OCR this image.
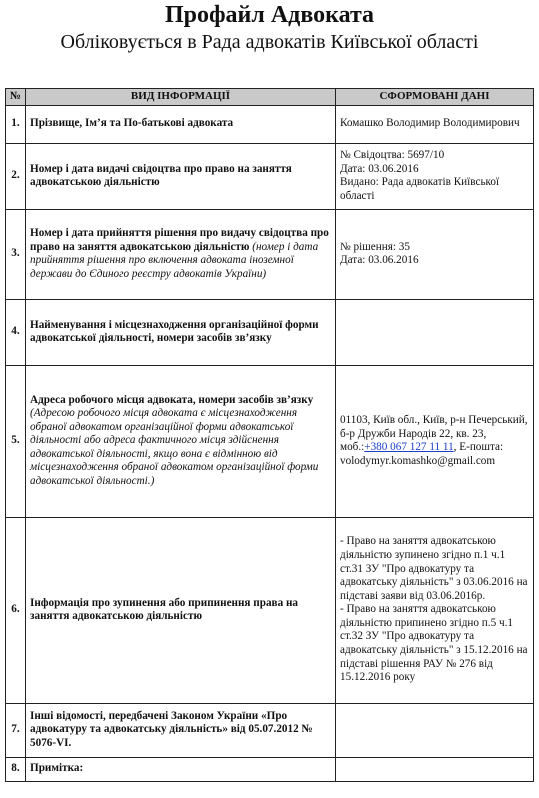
Профайл Адвоката
Обліковується в Рада адвокатів Київської області
№	ВИД ІНФОРМАЦІЇ	СФОРМОВАНІ ДАНІ
1.	Прізвище, Ім’я та По-батькові адвоката	Комашко Володимир Володимирович
2.	Номер і дата видачі свідоцтва про право на заняття адвокатською діяльністю	№ Свідоцтва: 5697/10
Дата: 03.06.2016
Видано: Рада адвокатів Київської області

3.	Номер і дата прийняття рішення про видачу свідоцтва про право на заняття адвокатською діяльністю (номер і дата прийняття рішення про включення адвоката іноземної держави до Єдиного реєстру адвокатів України)	№ рішення: 35
Дата: 03.06.2016

4.	Найменування і місцезнаходження організаційної форми адвокатської діяльності, номери засобів зв’язку	
5.	Адреса робочого місця адвоката, номери засобів зв’язку
(Адресою робочого місця адвоката є місцезнаходження обраної адвокатом організаційної форми адвокатської діяльності або адреса фактичного місця здійснення адвокатської діяльності, якщо вона є відмінною від місцезнаходження обраної адвокатом організаційної форми адвокатської діяльності.)	01103, Київ обл., Київ, р-н Печерський, б-р Дружби Народів 22, кв. 23, моб.:+380 067 127 11 11, Е-пошта: volodymyr.komashko@gmail.com
6.	Інформація про зупинення або припинення права на заняття адвокатською діяльністю	- Право на заняття адвокатською діяльністю зупинено згідно п.1 ч.1 ст.31 ЗУ "Про адвокатуру та адвокатську діяльність" з 03.06.2016 на підставі заяви від 03.06.2016р.
- Право на заняття адвокатською діяльністю припинено згідно п.5 ч.1 ст.32 ЗУ "Про адвокатуру та адвокатську діяльність" з 15.12.2016 на підставі рішення РАУ № 276 від 15.12.2016 року

7.	Інші відомості, передбачені Законом України «Про адвокатуру та адвокатську діяльність» від 05.07.2012 № 5076-VI.	
8.	Примітка:	
